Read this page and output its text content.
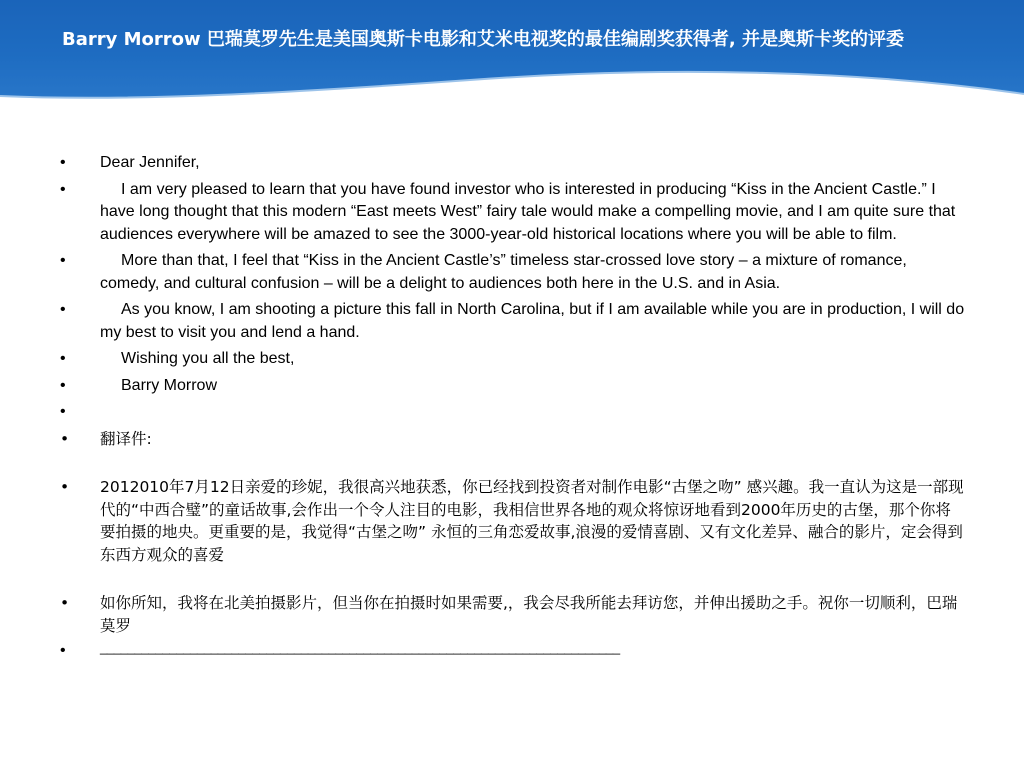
Barry Morrow 巴瑞莫罗先生是美国奥斯卡电影和艾米电视奖的最佳编剧奖获得者, 并是奥斯卡奖的评委
• Dear Jennifer,
•	I am very pleased to learn that you have found investor who is interested in producing “Kiss in the Ancient Castle.” I have long thought that this modern “East meets West” fairy tale would make a compelling movie, and I am quite sure that audiences everywhere will be amazed to see the 3000-year-old historical locations where you will be able to film.
•	More than that, I feel that “Kiss in the Ancient Castle’s” timeless star-crossed love story – a mixture of romance, comedy, and cultural confusion – will be a delight to audiences both here in the U.S. and in Asia.
•	As you know, I am shooting a picture this fall in North Carolina, but if I am available while you are in production, I will do my best to visit you and lend a hand.
•	Wishing you all the best,
•	Barry Morrow
•
• 翻译件:
• 2012010年7月12日亲爱的珍妮，我很高兴地获悉，你已经找到投资者对制作电影“古堡之吻” 感兴趣。我一直认为这是一部现代的“中西合璧”的童话故事,会作出一个令人注目的电影，我相信世界各地的观众将惊讶地看到2000年历史的古堡，那个你将要拍摄的地央。更重要的是，我觉得“古堡之吻” 永恒的三角恋爱故事,浪漫的爱情喜剧、又有文化差异、融合的影片，定会得到东西方观众的喜爱
• 如你所知，我将在北美拍摄影片，但当你在拍摄时如果需要,，我会尽我所能去拜访您，并伸出援助之手。祝你一切顺利，巴瑞莫罗
•	___________________________________________________________________________
